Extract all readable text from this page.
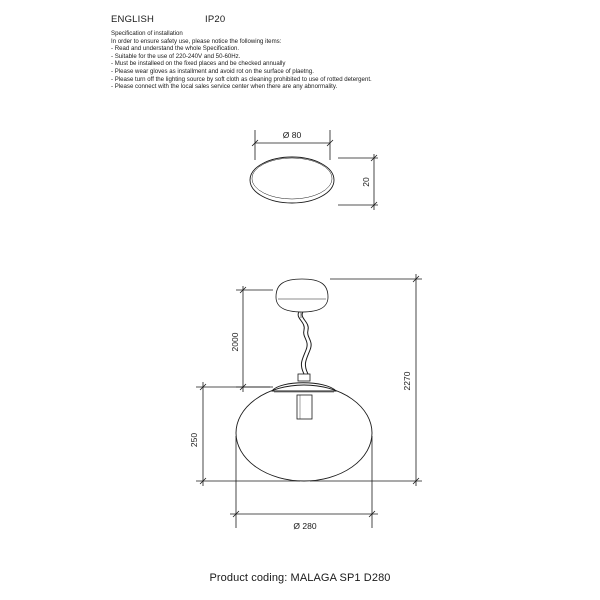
ENGLISH	IP20
Specification of installation
In order to ensure safety use, please notice the following items:
- Read and understand the whole Specification.
- Suitable for the use of 220-240V and 50-60Hz.
- Must be installeed on the fixed places and be checked annually
- Please wear gloves as installment and avoid rot on the surface of plaetng.
- Please turn off the lighting source by soft cloth as cleaning prohibited to use of rotted detergent.
- Please connect with the local sales service center when there are any abnormality.
Ø 80
20
2000
250
2270
Ø 280
Product coding: MALAGA SP1 D280
